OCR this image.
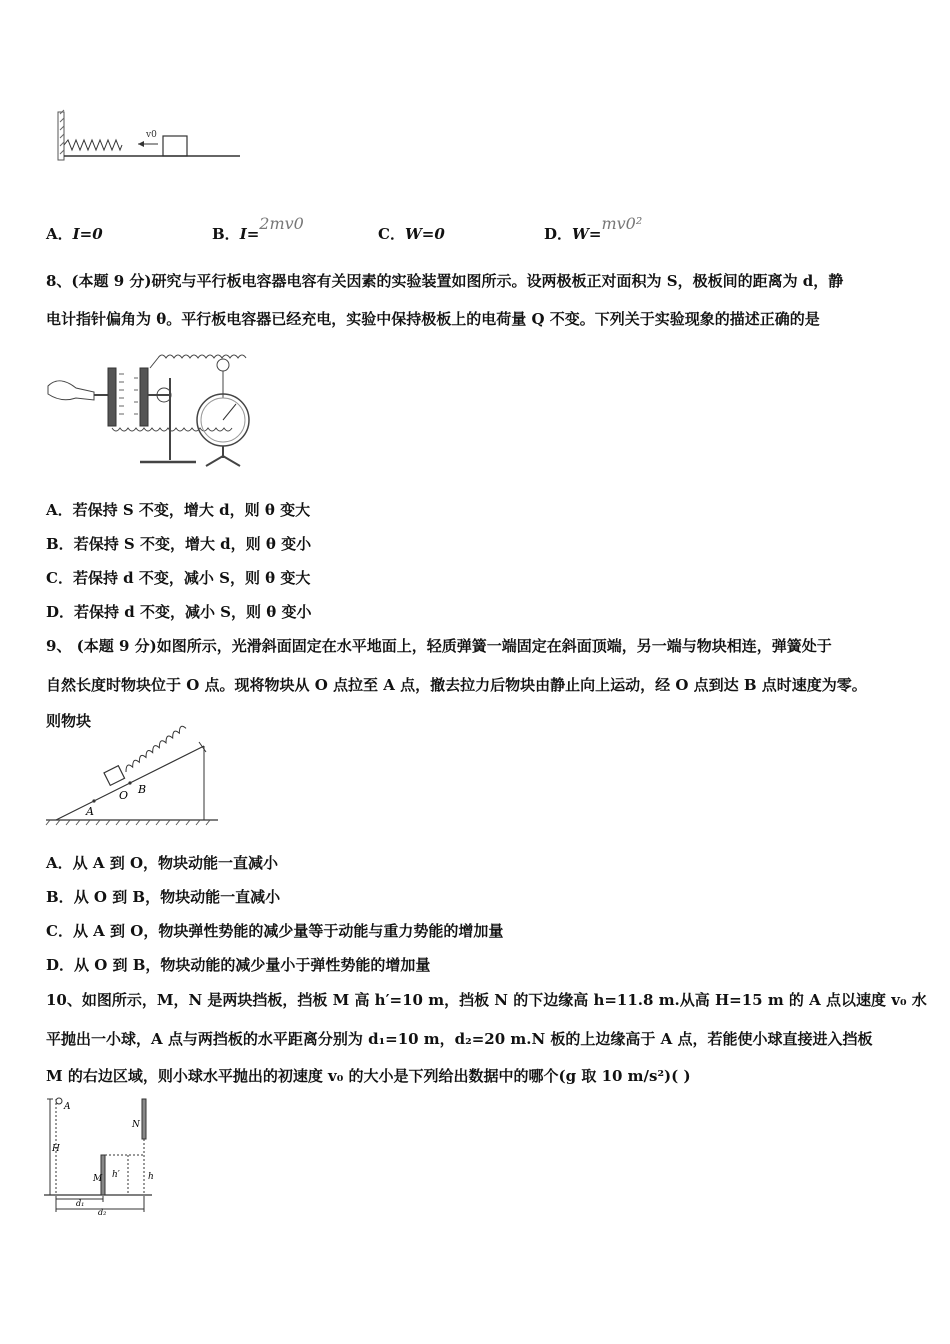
v0
A．I=0	B．I=2mv0
C．W=0	D．W=mv0²
8、(本题 9 分)研究与平行板电容器电容有关因素的实验装置如图所示。设两极板正对面积为 S，极板间的距离为 d，静
电计指针偏角为 θ。平行板电容器已经充电，实验中保持极板上的电荷量 Q 不变。下列关于实验现象的描述正确的是
A．若保持 S 不变，增大 d，则 θ 变大
B．若保持 S 不变，增大 d，则 θ 变小
C．若保持 d 不变，减小 S，则 θ 变大
D．若保持 d 不变，减小 S，则 θ 变小
9、 (本题 9 分)如图所示，光滑斜面固定在水平地面上，轻质弹簧一端固定在斜面顶端，另一端与物块相连，弹簧处于
自然长度时物块位于 O 点。现将物块从 O 点拉至 A 点，撤去拉力后物块由静止向上运动，经 O 点到达 B 点时速度为零。
则物块
A
O B
A．从 A 到 O，物块动能一直减小
B．从 O 到 B，物块动能一直减小
C．从 A 到 O，物块弹性势能的减少量等于动能与重力势能的增加量
D．从 O 到 B，物块动能的减少量小于弹性势能的增加量
10、如图所示，M，N 是两块挡板，挡板 M 高 h′=10 m，挡板 N 的下边缘高 h=11.8 m.从高 H=15 m 的 A 点以速度 v₀ 水
平抛出一小球，A 点与两挡板的水平距离分别为 d₁=10 m，d₂=20 m.N 板的上边缘高于 A 点，若能使小球直接进入挡板
M 的右边区域，则小球水平抛出的初速度 v₀ 的大小是下列给出数据中的哪个(g 取 10 m/s²)( )
A
N
M
H
h′	h
d₁
d₂
